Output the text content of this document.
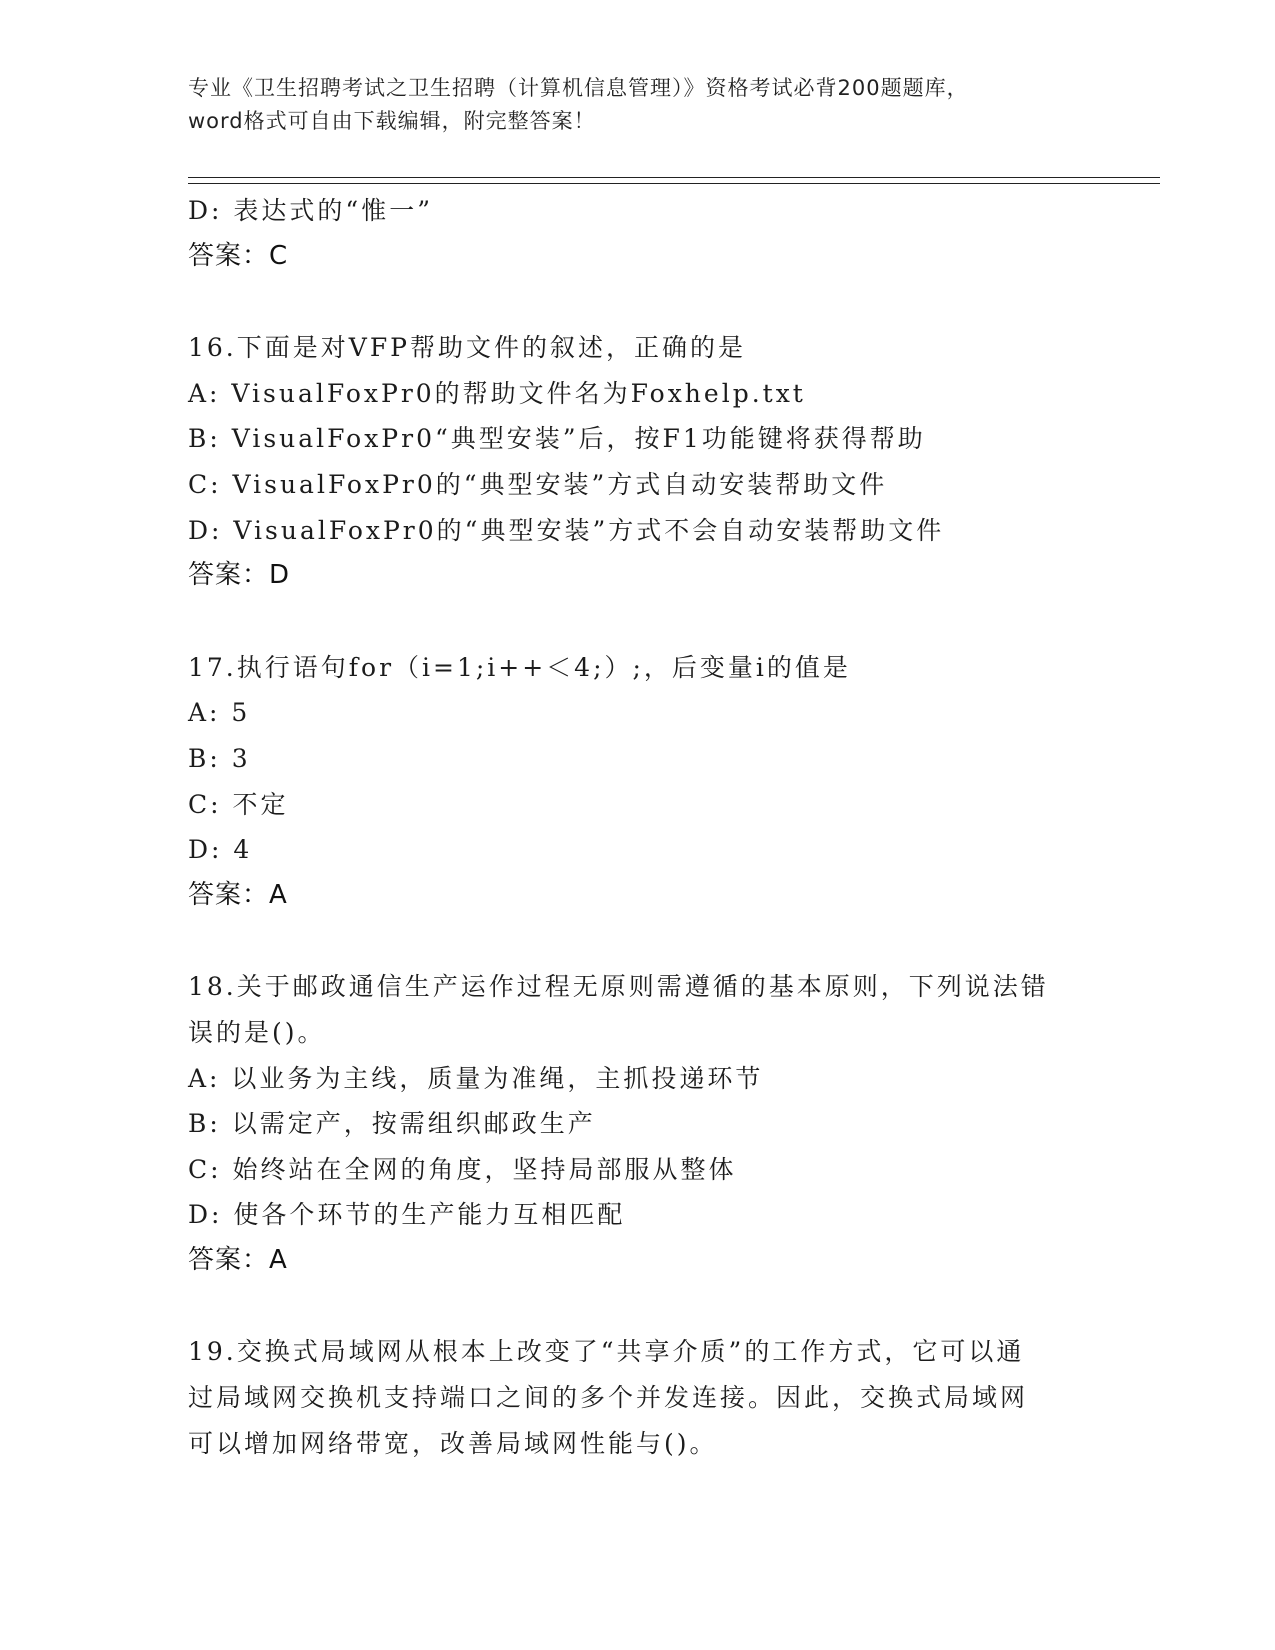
专业《卫生招聘考试之卫生招聘（计算机信息管理）》资格考试必背200题题库，
word格式可自由下载编辑，附完整答案！
D: 表达式的“惟一”
答案：C
16.下面是对VFP帮助文件的叙述，正确的是
A: VisualFoxPr0的帮助文件名为Foxhelp.txt
B: VisualFoxPr0“典型安装”后，按F1功能键将获得帮助
C: VisualFoxPr0的“典型安装”方式自动安装帮助文件
D: VisualFoxPr0的“典型安装”方式不会自动安装帮助文件
答案：D
17.执行语句for（i=1;i++＜4;）;，后变量i的值是
A: 5
B: 3
C: 不定
D: 4
答案：A
18.关于邮政通信生产运作过程无原则需遵循的基本原则，下列说法错
误的是()。
A: 以业务为主线，质量为准绳，主抓投递环节
B: 以需定产，按需组织邮政生产
C: 始终站在全网的角度，坚持局部服从整体
D: 使各个环节的生产能力互相匹配
答案：A
19.交换式局域网从根本上改变了“共享介质”的工作方式，它可以通
过局域网交换机支持端口之间的多个并发连接。因此，交换式局域网
可以增加网络带宽，改善局域网性能与()。
